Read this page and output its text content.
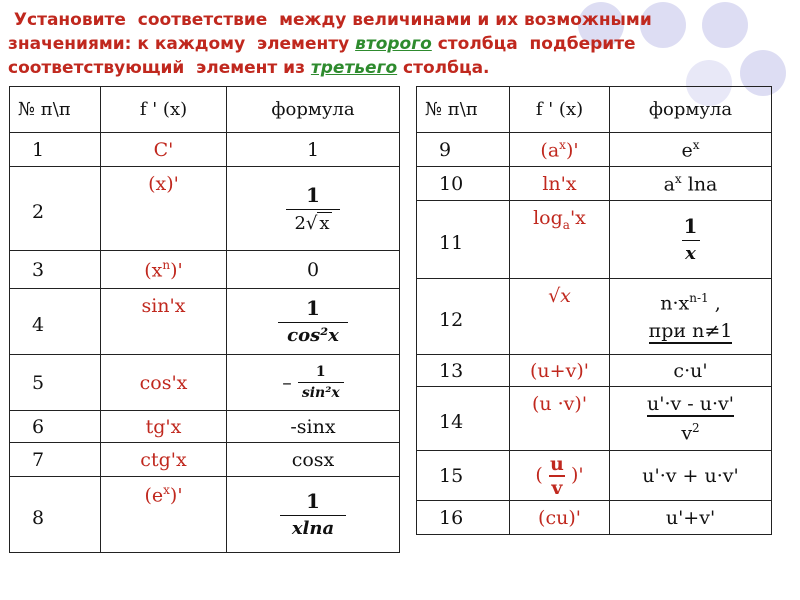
Установите  соответствие  между величинами и их возможными
значениями: к каждому  элементу второго столбца  подберите
соответствующий  элемент из третьего столбца.
№ п\п	f ' (x)	формула
1	C'	1
2	(x)'	$\frac{1}{2√ x}$

3	$(x^n)'$	0
4	sin'x	$\frac{1}{\text{cos²x}}$

5	cos'x	– $\frac{1}{\text{sin²x}}$

6	tg'x	-sinx
7	ctg'x	cosx
8	$(e^x)'$	$\frac{1}{xlna}$
№ п\п	f ' (x)	формула
9	$(a^x)'$	$e^x$
10	ln'x	$a^x$ lna
11	$\log_a'x$	$\frac{1}{x}$

12	√x	$n\cdot x^{n-1}$ ,
при n≠1

13	(u+v)'	c·u'
14	(u ·v)'	u'·v - u·v'
$v^2$

15	( $\frac{u}{v}$ )'	u'·v + u·v'
16	(cu)'	u'+v'
